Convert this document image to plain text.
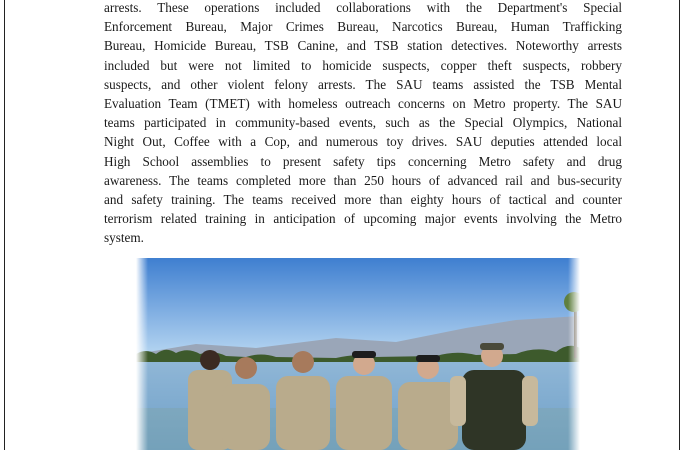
arrests. These operations included collaborations with the Department's Special
Enforcement Bureau, Major Crimes Bureau, Narcotics Bureau, Human Trafficking
Bureau, Homicide Bureau, TSB Canine, and TSB station detectives. Noteworthy arrests
included but were not limited to homicide suspects, copper theft suspects, robbery
suspects, and other violent felony arrests. The SAU teams assisted the TSB Mental
Evaluation Team (TMET) with homeless outreach concerns on Metro property. The SAU
teams participated in community-based events, such as the Special Olympics, National
Night Out, Coffee with a Cop, and numerous toy drives. SAU deputies attended local
High School assemblies to present safety tips concerning Metro safety and drug
awareness. The teams completed more than 250 hours of advanced rail and bus-security
and safety training. The teams received more than eighty hours of tactical and counter
terrorism related training in anticipation of upcoming major events involving the Metro
system.
